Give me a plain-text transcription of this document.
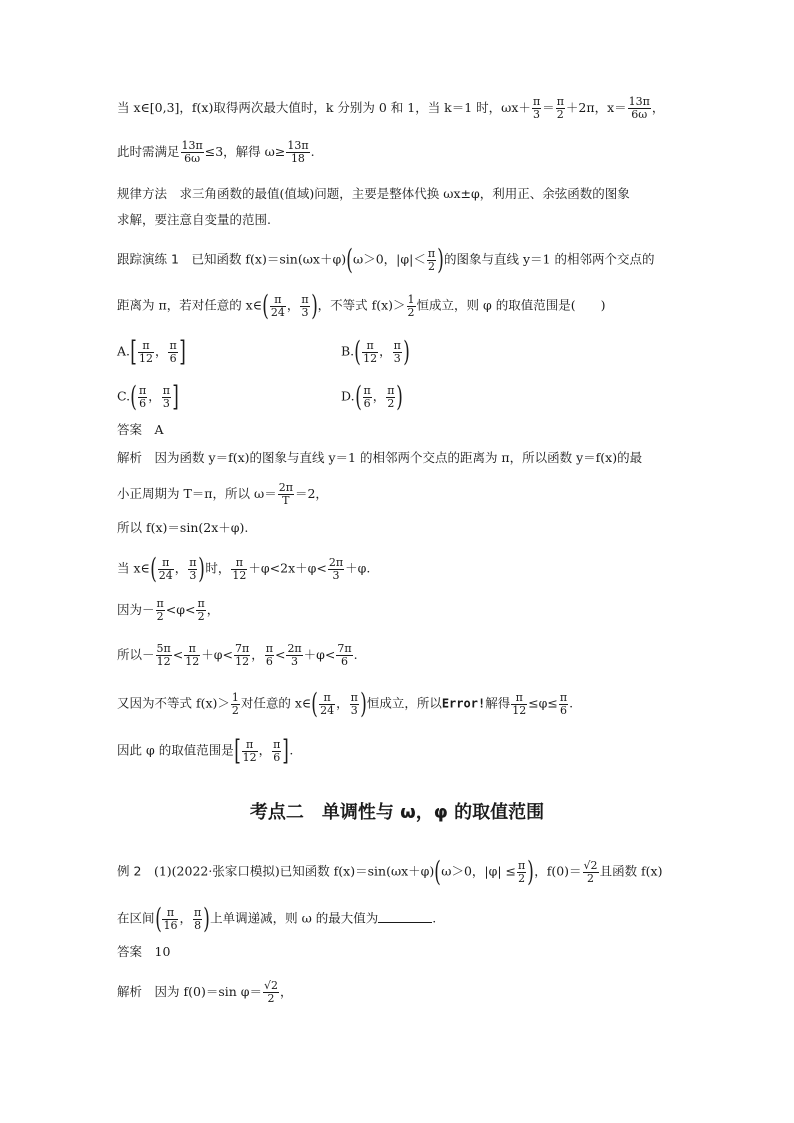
当 x∈[0,3]，f(x)取得两次最大值时，k 分别为 0 和 1，当 k＝1 时，$\omega x+ \frac{\pi}{3} = \frac{\pi}{2} +2\pi$，$x= \frac{13\pi}{6\omega}$ ，
此时需满足 $\frac{13\pi}{6\omega} \le 3$，解得 $\omega\ge \frac{13\pi}{18}$ .
规律方法　 求三角函数的最值(值域)问题，主要是整体代换 ωx±φ，利用正、余弦函数的图象
求解，要注意自变量的范围.
跟踪演练 1　 已知函数 f(x)＝sin(ωx＋φ)(ω＞0，$|\varphi|< \frac{\pi}{2}$ )的图象与直线 y＝1 的相邻两个交点的
距离为 π，若对任意的 x∈( $\frac{\pi}{24}$ ， $\frac{\pi}{3}$ )，不等式 $f(x)> \frac{1}{2}$ 恒成立，则 φ 的取值范围是(　　)
$A.[ \frac{\pi}{12}$ ， $\frac{\pi}{6}$ ]	$B.( \frac{\pi}{12}$ ， $\frac{\pi}{3}$ )
$C.( \frac{\pi}{6}$ ， $\frac{\pi}{3}$ ]	$D.( \frac{\pi}{6}$ ， $\frac{\pi}{2}$ )
答案　 A
解析　 因为函数 y＝f(x)的图象与直线 y＝1 的相邻两个交点的距离为 π，所以函数 y＝f(x)的最
小正周期为 T＝π，所以 $\omega= \frac{2\pi}{T} =2$，
所以 f(x)＝sin(2x＋φ).
当 x∈( $\frac{\pi}{24}$ ， $\frac{\pi}{3}$ )时， $\frac{\pi}{12} +\varphi<2x+\varphi< \frac{2\pi}{3} +\varphi$.
因为－ $\frac{\pi}{2} <\varphi< \frac{\pi}{2}$ ，
所以－ $\frac{5\pi}{12} < \frac{\pi}{12} +\varphi< \frac{7\pi}{12}$ ， $\frac{\pi}{6} < \frac{2\pi}{3} +\varphi< \frac{7\pi}{6}$ .
又因为不等式 $f(x)> \frac{1}{2}$ 对任意的 x∈( $\frac{\pi}{24}$ ， $\frac{\pi}{3}$ )恒成立，所以Error!解得 $\frac{\pi}{12} \le\varphi\le \frac{\pi}{6}$ .
因此 φ 的取值范围是[ $\frac{\pi}{12}$ ， $\frac{\pi}{6}$ ].
考点二　单调性与 ω，φ 的取值范围
例 2　 (1)(2022·张家口模拟)已知函数 f(x)＝sin(ωx＋φ)(ω＞0，$|\varphi| \le \frac{\pi}{2}$ )，$f(0)= \frac{√2}{2}$ 且函数 f(x)
在区间( $\frac{\pi}{16}$ ， $\frac{\pi}{8}$ )上单调递减，则 ω 的最大值为	.
答案　 10
解析　 因为 f(0)＝sin $\varphi= \frac{√2}{2}$ ，
